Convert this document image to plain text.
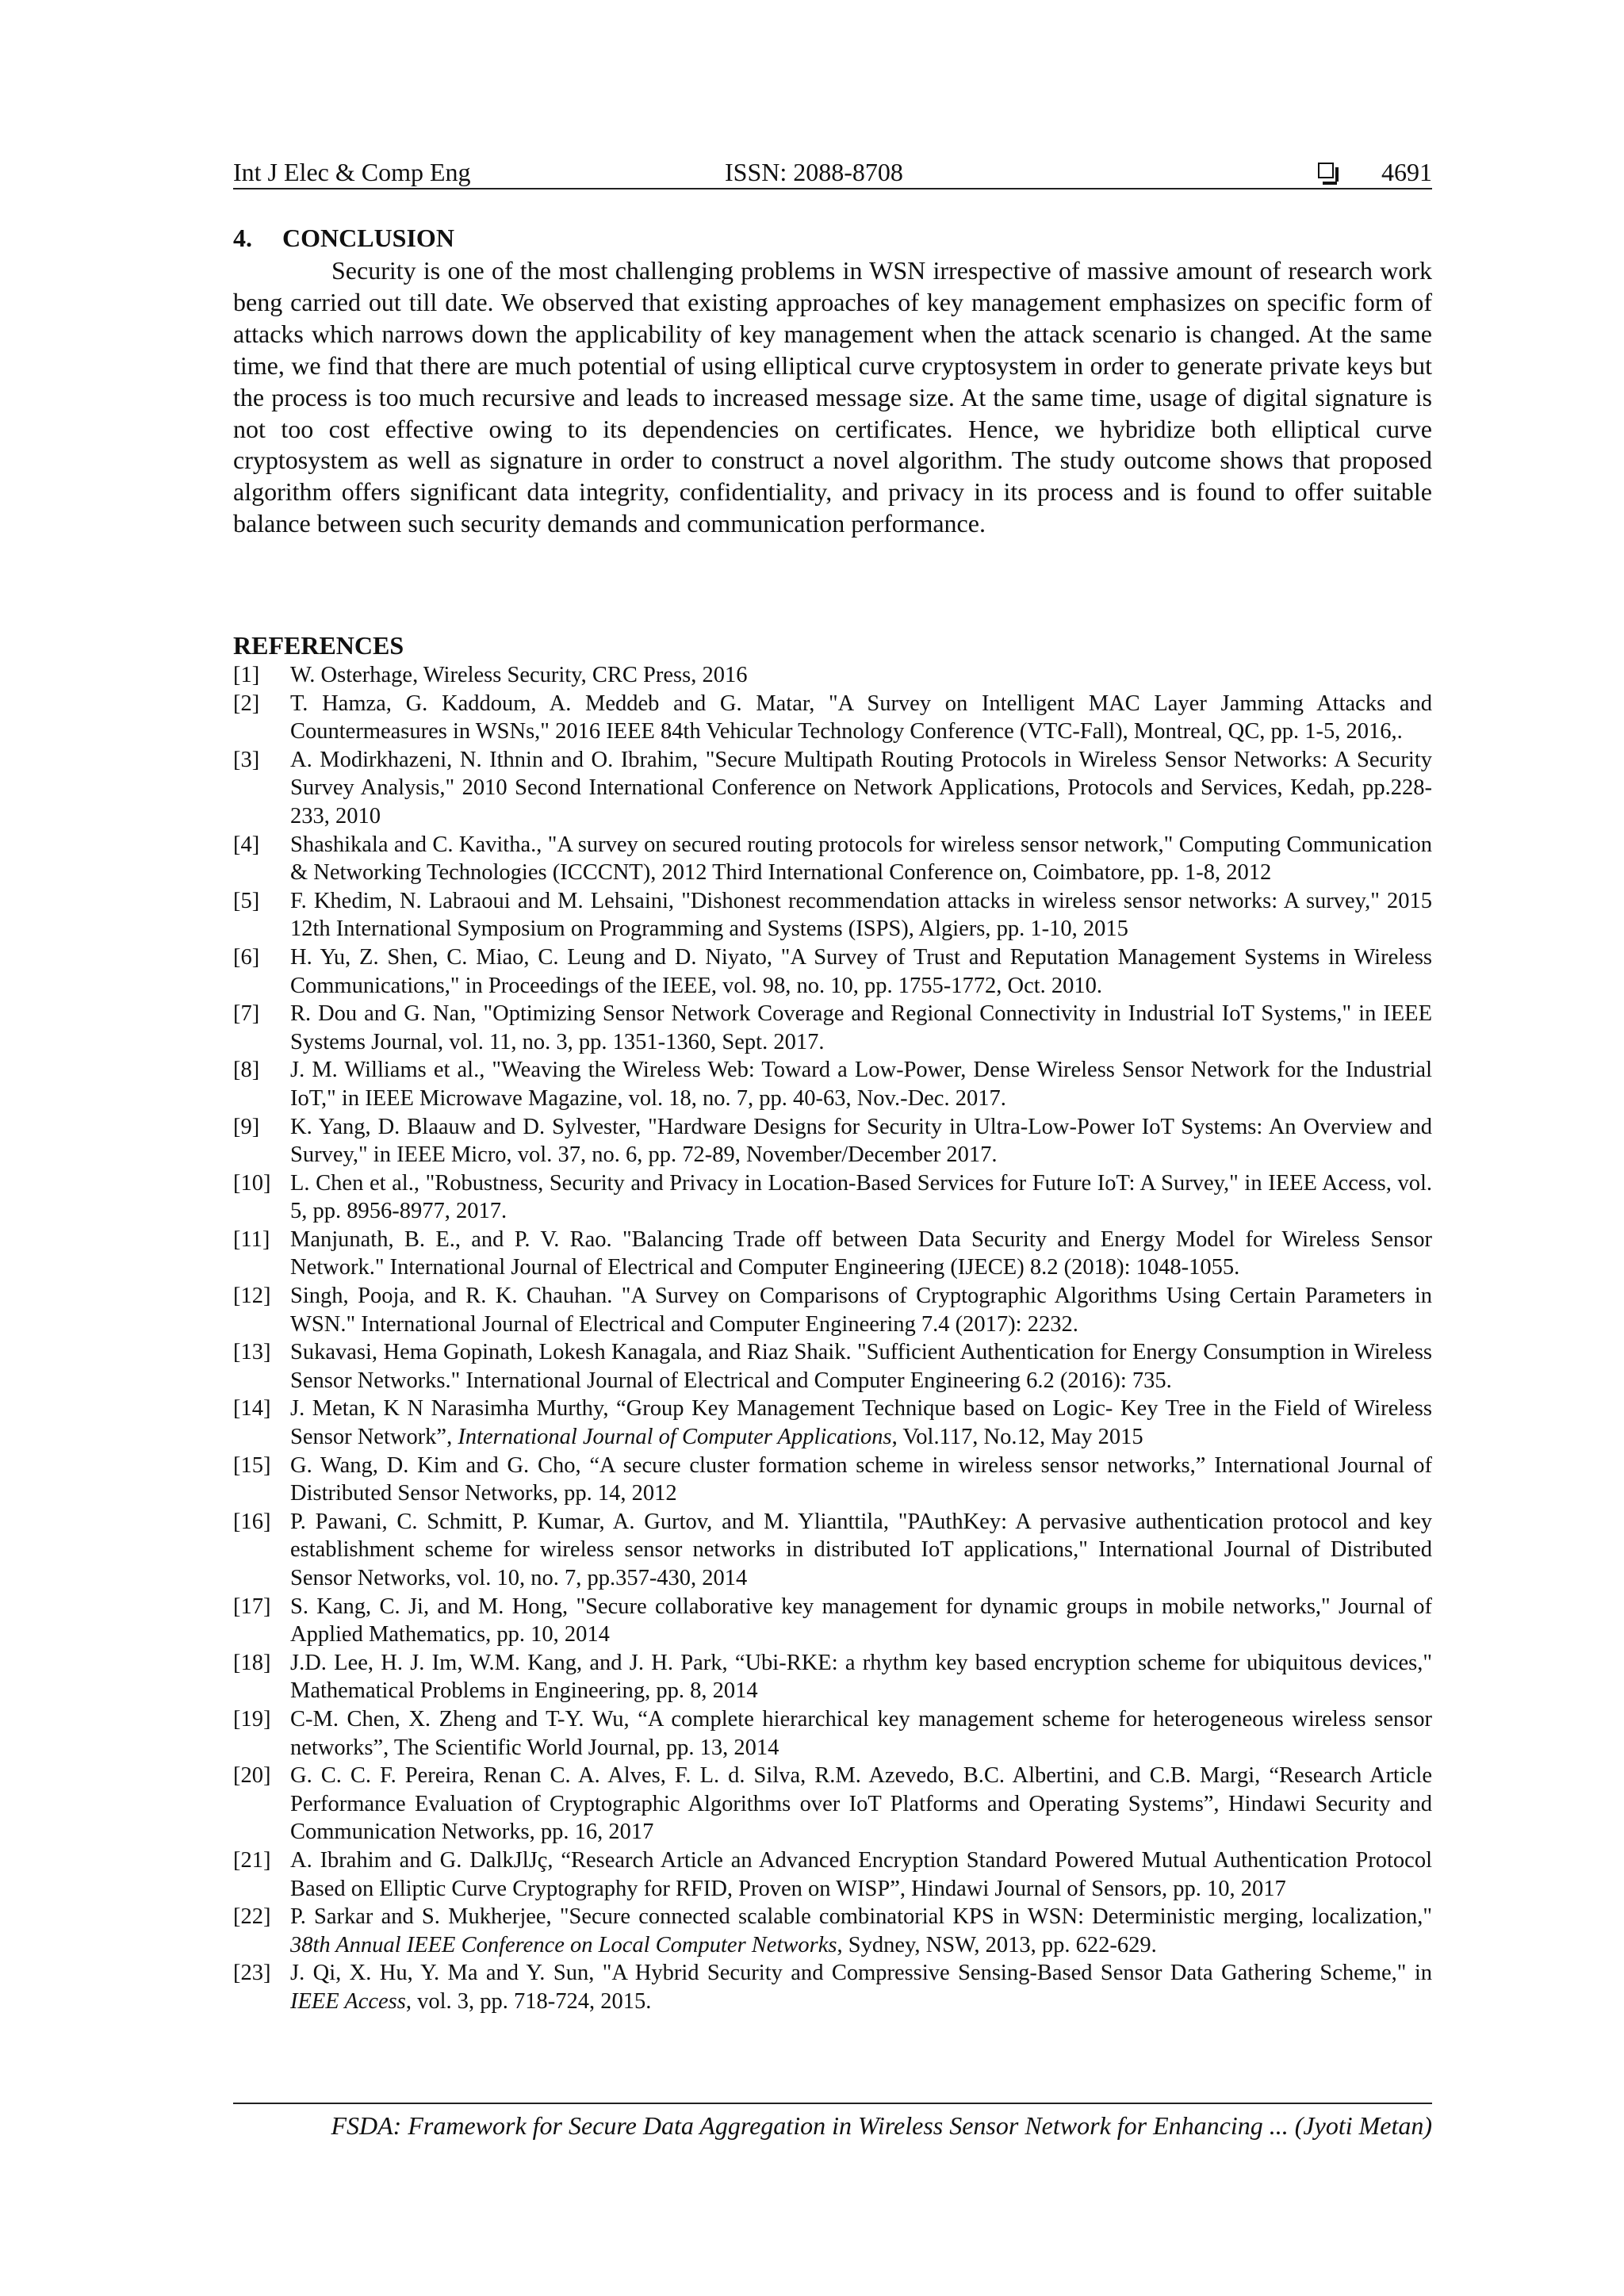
Int J Elec & Comp Eng	ISSN: 2088-8708	4691
4. CONCLUSION

Security is one of the most challenging problems in WSN irrespective of massive amount of research work beng carried out till date. We observed that existing approaches of key management emphasizes on specific form of attacks which narrows down the applicability of key management when the attack scenario is changed. At the same time, we find that there are much potential of using elliptical curve cryptosystem in order to generate private keys but the process is too much recursive and leads to increased message size. At the same time, usage of digital signature is not too cost effective owing to its dependencies on certificates. Hence, we hybridize both elliptical curve cryptosystem as well as signature in order to construct a novel algorithm. The study outcome shows that proposed algorithm offers significant data integrity, confidentiality, and privacy in its process and is found to offer suitable balance between such security demands and communication performance.

REFERENCES
[1] W. Osterhage, Wireless Security, CRC Press, 2016
[2] T. Hamza, G. Kaddoum, A. Meddeb and G. Matar, "A Survey on Intelligent MAC Layer Jamming Attacks and Countermeasures in WSNs," 2016 IEEE 84th Vehicular Technology Conference (VTC-Fall), Montreal, QC, pp. 1-5, 2016,.
[3] A. Modirkhazeni, N. Ithnin and O. Ibrahim, "Secure Multipath Routing Protocols in Wireless Sensor Networks: A Security Survey Analysis," 2010 Second International Conference on Network Applications, Protocols and Services, Kedah, pp.228-233, 2010
[4] Shashikala and C. Kavitha., "A survey on secured routing protocols for wireless sensor network," Computing Communication & Networking Technologies (ICCCNT), 2012 Third International Conference on, Coimbatore, pp. 1-8, 2012
[5] F. Khedim, N. Labraoui and M. Lehsaini, "Dishonest recommendation attacks in wireless sensor networks: A survey," 2015 12th International Symposium on Programming and Systems (ISPS), Algiers, pp. 1-10, 2015
[6] H. Yu, Z. Shen, C. Miao, C. Leung and D. Niyato, "A Survey of Trust and Reputation Management Systems in Wireless Communications," in Proceedings of the IEEE, vol. 98, no. 10, pp. 1755-1772, Oct. 2010.
[7] R. Dou and G. Nan, "Optimizing Sensor Network Coverage and Regional Connectivity in Industrial IoT Systems," in IEEE Systems Journal, vol. 11, no. 3, pp. 1351-1360, Sept. 2017.
[8] J. M. Williams et al., "Weaving the Wireless Web: Toward a Low-Power, Dense Wireless Sensor Network for the Industrial IoT," in IEEE Microwave Magazine, vol. 18, no. 7, pp. 40-63, Nov.-Dec. 2017.
[9] K. Yang, D. Blaauw and D. Sylvester, "Hardware Designs for Security in Ultra-Low-Power IoT Systems: An Overview and Survey," in IEEE Micro, vol. 37, no. 6, pp. 72-89, November/December 2017.
[10] L. Chen et al., "Robustness, Security and Privacy in Location-Based Services for Future IoT: A Survey," in IEEE Access, vol. 5, pp. 8956-8977, 2017.
[11] Manjunath, B. E., and P. V. Rao. "Balancing Trade off between Data Security and Energy Model for Wireless Sensor Network." International Journal of Electrical and Computer Engineering (IJECE) 8.2 (2018): 1048-1055.
[12] Singh, Pooja, and R. K. Chauhan. "A Survey on Comparisons of Cryptographic Algorithms Using Certain Parameters in WSN." International Journal of Electrical and Computer Engineering 7.4 (2017): 2232.
[13] Sukavasi, Hema Gopinath, Lokesh Kanagala, and Riaz Shaik. "Sufficient Authentication for Energy Consumption in Wireless Sensor Networks." International Journal of Electrical and Computer Engineering 6.2 (2016): 735.
[14] J. Metan, K N Narasimha Murthy, “Group Key Management Technique based on Logic- Key Tree in the Field of Wireless Sensor Network”, International Journal of Computer Applications, Vol.117, No.12, May 2015
[15] G. Wang, D. Kim and G. Cho, “A secure cluster formation scheme in wireless sensor networks,” International Journal of Distributed Sensor Networks, pp. 14, 2012
[16] P. Pawani, C. Schmitt, P. Kumar, A. Gurtov, and M. Ylianttila, "PAuthKey: A pervasive authentication protocol and key establishment scheme for wireless sensor networks in distributed IoT applications," International Journal of Distributed Sensor Networks, vol. 10, no. 7, pp.357-430, 2014
[17] S. Kang, C. Ji, and M. Hong, "Secure collaborative key management for dynamic groups in mobile networks," Journal of Applied Mathematics, pp. 10, 2014
[18] J.D. Lee, H. J. Im, W.M. Kang, and J. H. Park, “Ubi-RKE: a rhythm key based encryption scheme for ubiquitous devices," Mathematical Problems in Engineering, pp. 8, 2014
[19] C-M. Chen, X. Zheng and T-Y. Wu, “A complete hierarchical key management scheme for heterogeneous wireless sensor networks”, The Scientific World Journal, pp. 13, 2014
[20] G. C. C. F. Pereira, Renan C. A. Alves, F. L. d. Silva, R.M. Azevedo, B.C. Albertini, and C.B. Margi, “Research Article Performance Evaluation of Cryptographic Algorithms over IoT Platforms and Operating Systems”, Hindawi Security and Communication Networks, pp. 16, 2017
[21] A. Ibrahim and G. DalkJlJç, “Research Article an Advanced Encryption Standard Powered Mutual Authentication Protocol Based on Elliptic Curve Cryptography for RFID, Proven on WISP”, Hindawi Journal of Sensors, pp. 10, 2017
[22] P. Sarkar and S. Mukherjee, "Secure connected scalable combinatorial KPS in WSN: Deterministic merging, localization," 38th Annual IEEE Conference on Local Computer Networks, Sydney, NSW, 2013, pp. 622-629.
[23] J. Qi, X. Hu, Y. Ma and Y. Sun, "A Hybrid Security and Compressive Sensing-Based Sensor Data Gathering Scheme," in IEEE Access, vol. 3, pp. 718-724, 2015.
FSDA: Framework for Secure Data Aggregation in Wireless Sensor Network for Enhancing ... (Jyoti Metan)
